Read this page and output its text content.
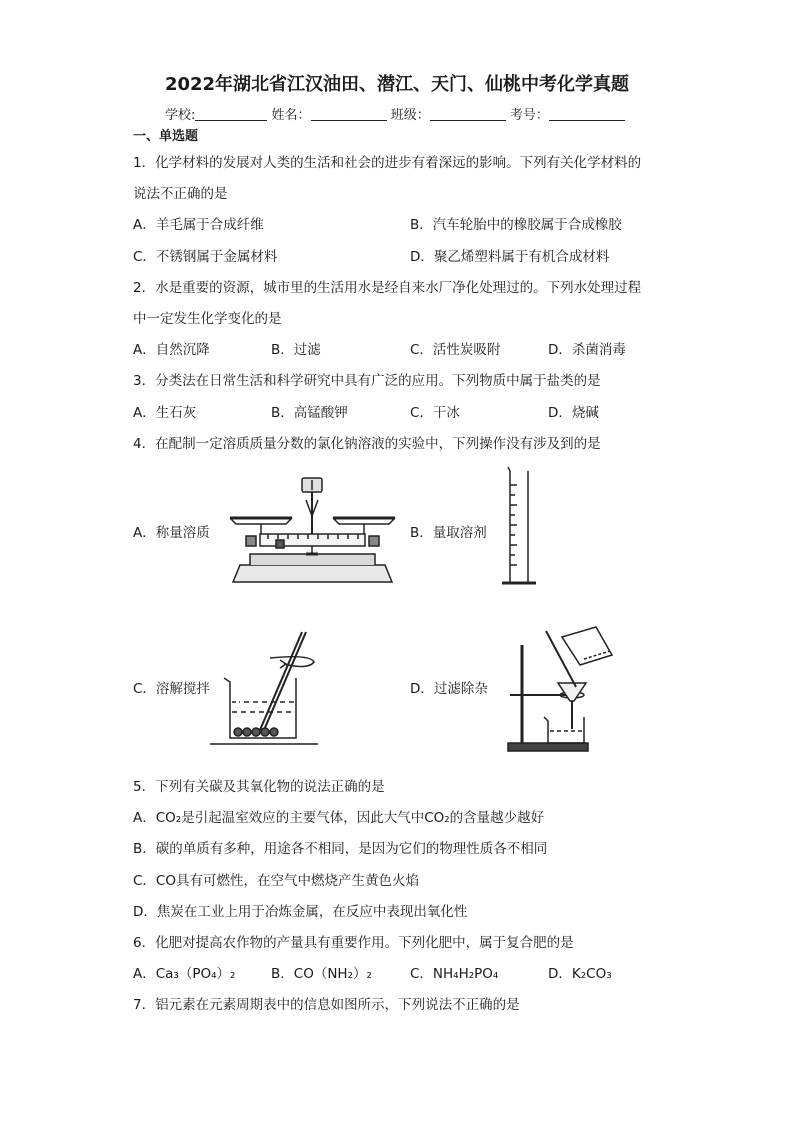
2022年湖北省江汉油田、潜江、天门、仙桃中考化学真题
学校:	姓名：	班级：	考号：
一、单选题
1．化学材料的发展对人类的生活和社会的进步有着深远的影响。下列有关化学材料的
说法不正确的是
A．羊毛属于合成纤维	B．汽车轮胎中的橡胶属于合成橡胶
C．不锈钢属于金属材料	D．聚乙烯塑料属于有机合成材料
2．水是重要的资源，城市里的生活用水是经自来水厂净化处理过的。下列水处理过程
中一定发生化学变化的是
A．自然沉降	B．过滤	C．活性炭吸附	D．杀菌消毒
3．分类法在日常生活和科学研究中具有广泛的应用。下列物质中属于盐类的是
A．生石灰	B．高锰酸钾	C．干冰	D．烧碱
4．在配制一定溶质质量分数的氯化钠溶液的实验中，下列操作没有涉及到的是
A．称量溶质	B．量取溶剂
C．溶解搅拌	D．过滤除杂
5．下列有关碳及其氧化物的说法正确的是
A．CO₂是引起温室效应的主要气体，因此大气中CO₂的含量越少越好
B．碳的单质有多种，用途各不相同，是因为它们的物理性质各不相同
C．CO具有可燃性，在空气中燃烧产生黄色火焰
D．焦炭在工业上用于冶炼金属，在反应中表现出氧化性
6．化肥对提高农作物的产量具有重要作用。下列化肥中，属于复合肥的是
A．Ca₃（PO₄）₂	B．CO（NH₂）₂	C．NH₄H₂PO₄	D．K₂CO₃
7．铝元素在元素周期表中的信息如图所示，下列说法不正确的是
